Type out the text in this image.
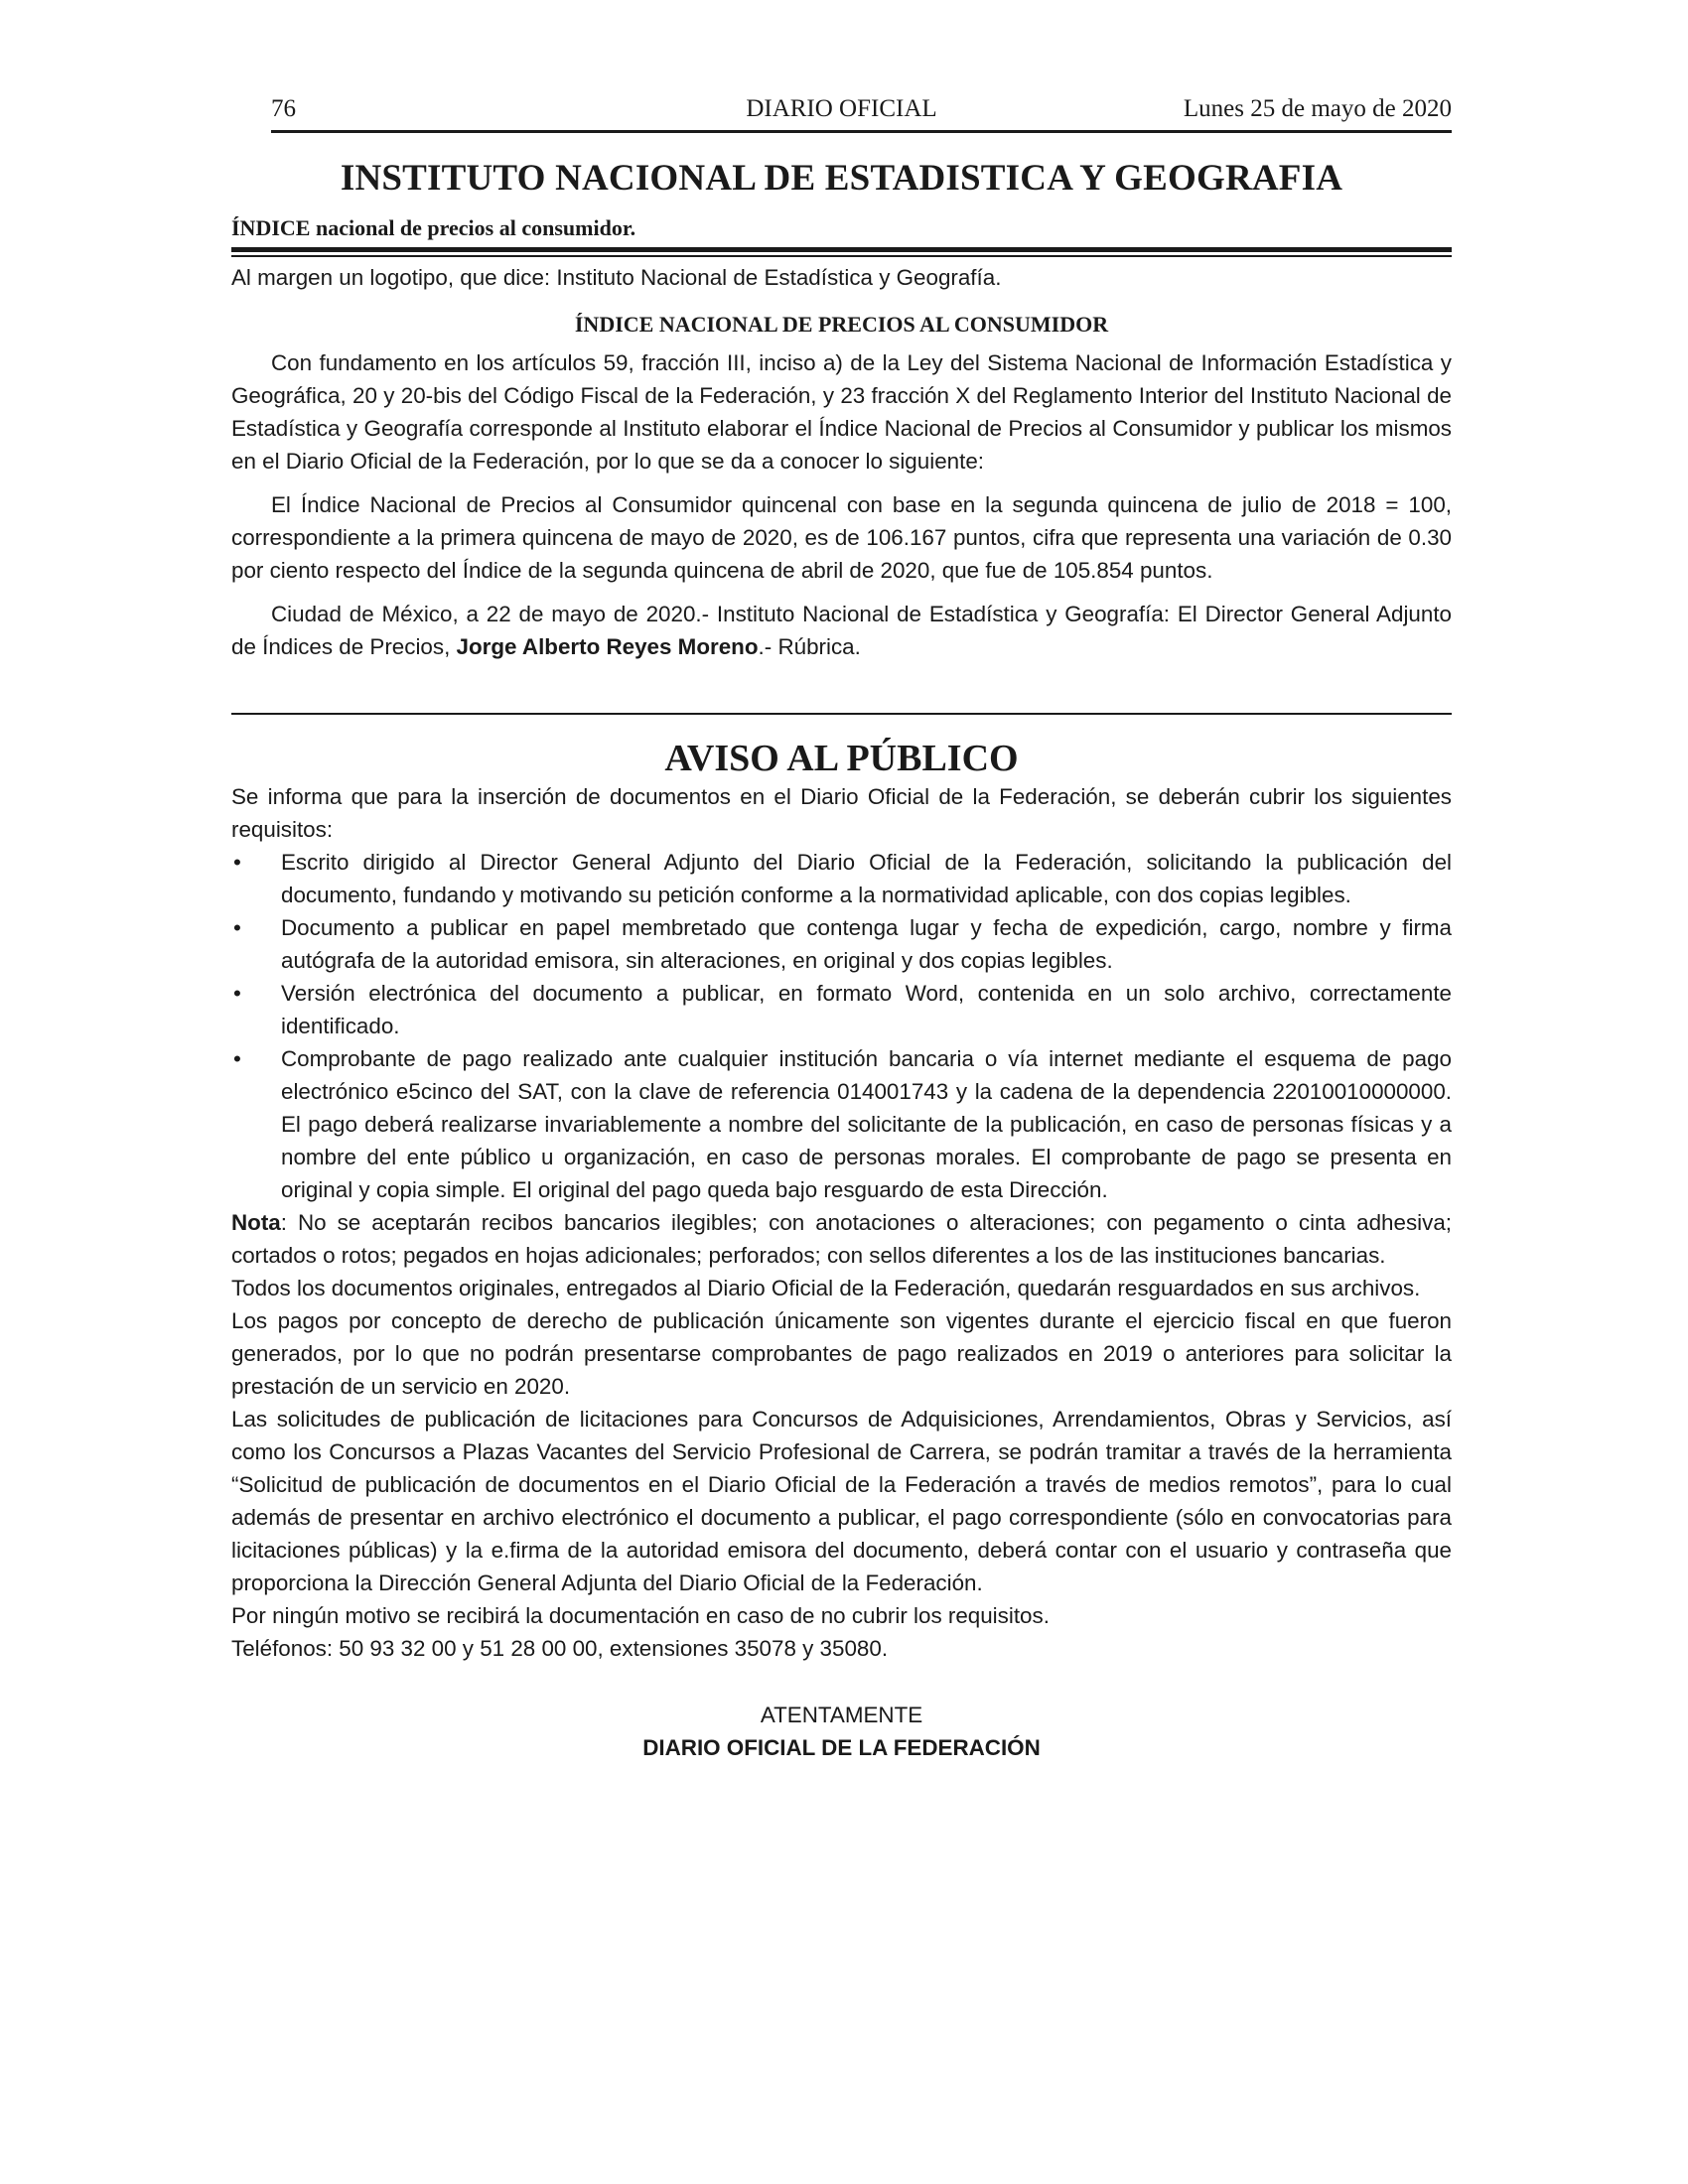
76	DIARIO OFICIAL	Lunes 25 de mayo de 2020
INSTITUTO NACIONAL DE ESTADISTICA Y GEOGRAFIA
ÍNDICE nacional de precios al consumidor.

Al margen un logotipo, que dice: Instituto Nacional de Estadística y Geografía.

ÍNDICE NACIONAL DE PRECIOS AL CONSUMIDOR

Con fundamento en los artículos 59, fracción III, inciso a) de la Ley del Sistema Nacional de Información Estadística y Geográfica, 20 y 20-bis del Código Fiscal de la Federación, y 23 fracción X del Reglamento Interior del Instituto Nacional de Estadística y Geografía corresponde al Instituto elaborar el Índice Nacional de Precios al Consumidor y publicar los mismos en el Diario Oficial de la Federación, por lo que se da a conocer lo siguiente:

El Índice Nacional de Precios al Consumidor quincenal con base en la segunda quincena de julio de 2018 = 100, correspondiente a la primera quincena de mayo de 2020, es de 106.167 puntos, cifra que representa una variación de 0.30 por ciento respecto del Índice de la segunda quincena de abril de 2020, que fue de 105.854 puntos.

Ciudad de México, a 22 de mayo de 2020.- Instituto Nacional de Estadística y Geografía: El Director General Adjunto de Índices de Precios, Jorge Alberto Reyes Moreno.- Rúbrica.

AVISO AL PÚBLICO

Se informa que para la inserción de documentos en el Diario Oficial de la Federación, se deberán cubrir los siguientes requisitos:

• Escrito dirigido al Director General Adjunto del Diario Oficial de la Federación, solicitando la publicación del documento, fundando y motivando su petición conforme a la normatividad aplicable, con dos copias legibles.
• Documento a publicar en papel membretado que contenga lugar y fecha de expedición, cargo, nombre y firma autógrafa de la autoridad emisora, sin alteraciones, en original y dos copias legibles.
• Versión electrónica del documento a publicar, en formato Word, contenida en un solo archivo, correctamente identificado.
• Comprobante de pago realizado ante cualquier institución bancaria o vía internet mediante el esquema de pago electrónico e5cinco del SAT, con la clave de referencia 014001743 y la cadena de la dependencia 22010010000000. El pago deberá realizarse invariablemente a nombre del solicitante de la publicación, en caso de personas físicas y a nombre del ente público u organización, en caso de personas morales. El comprobante de pago se presenta en original y copia simple. El original del pago queda bajo resguardo de esta Dirección.

Nota: No se aceptarán recibos bancarios ilegibles; con anotaciones o alteraciones; con pegamento o cinta adhesiva; cortados o rotos; pegados en hojas adicionales; perforados; con sellos diferentes a los de las instituciones bancarias.

Todos los documentos originales, entregados al Diario Oficial de la Federación, quedarán resguardados en sus archivos.

Los pagos por concepto de derecho de publicación únicamente son vigentes durante el ejercicio fiscal en que fueron generados, por lo que no podrán presentarse comprobantes de pago realizados en 2019 o anteriores para solicitar la prestación de un servicio en 2020.

Las solicitudes de publicación de licitaciones para Concursos de Adquisiciones, Arrendamientos, Obras y Servicios, así como los Concursos a Plazas Vacantes del Servicio Profesional de Carrera, se podrán tramitar a través de la herramienta “Solicitud de publicación de documentos en el Diario Oficial de la Federación a través de medios remotos”, para lo cual además de presentar en archivo electrónico el documento a publicar, el pago correspondiente (sólo en convocatorias para licitaciones públicas) y la e.firma de la autoridad emisora del documento, deberá contar con el usuario y contraseña que proporciona la Dirección General Adjunta del Diario Oficial de la Federación.

Por ningún motivo se recibirá la documentación en caso de no cubrir los requisitos.

Teléfonos: 50 93 32 00 y 51 28 00 00, extensiones 35078 y 35080.

ATENTAMENTE
DIARIO OFICIAL DE LA FEDERACIÓN
